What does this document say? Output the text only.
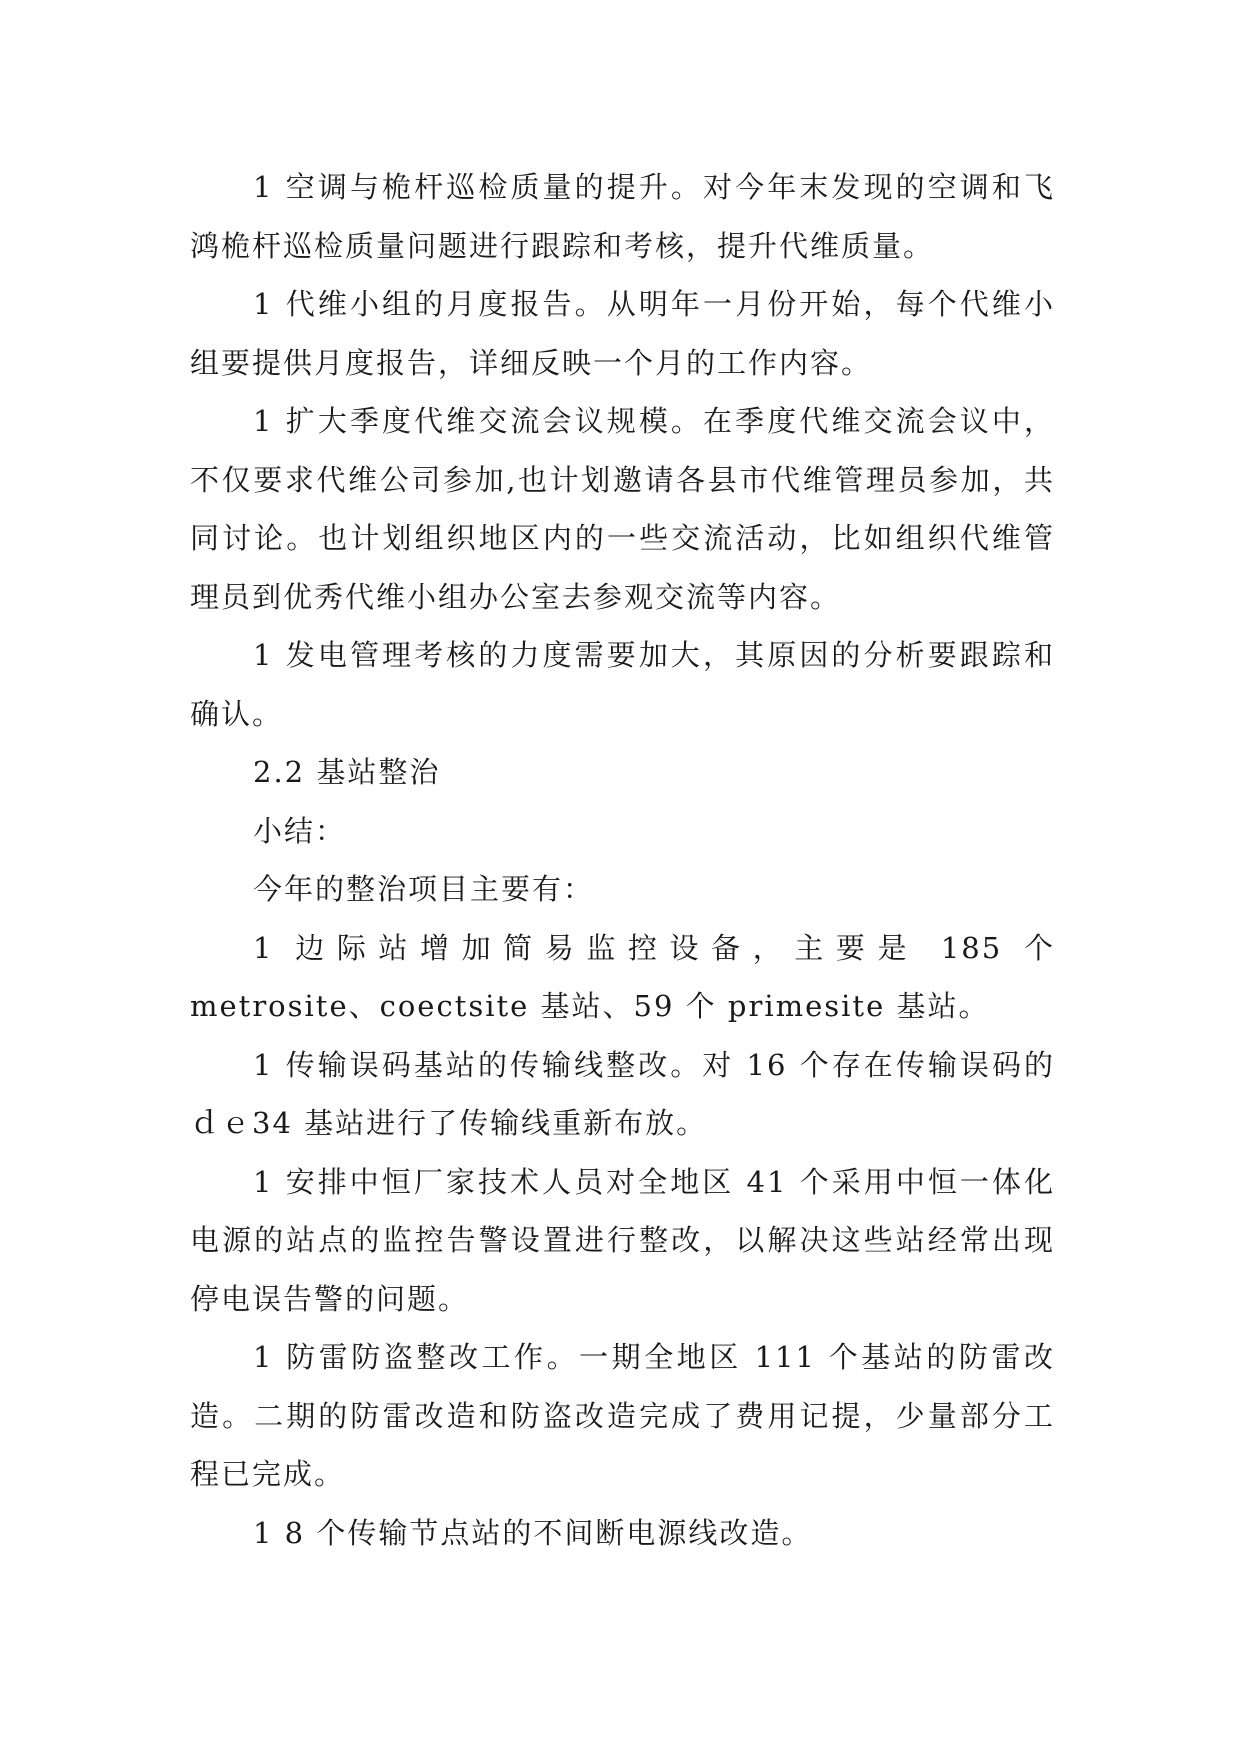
1 空调与桅杆巡检质量的提升。对今年末发现的空调和飞鸿桅杆巡检质量问题进行跟踪和考核，提升代维质量。

1 代维小组的月度报告。从明年一月份开始，每个代维小组要提供月度报告，详细反映一个月的工作内容。

1 扩大季度代维交流会议规模。在季度代维交流会议中，不仅要求代维公司参加,也计划邀请各县市代维管理员参加，共同讨论。也计划组织地区内的一些交流活动，比如组织代维管理员到优秀代维小组办公室去参观交流等内容。

1 发电管理考核的力度需要加大，其原因的分析要跟踪和确认。

2.2 基站整治

小结：

今年的整治项目主要有：

1 边际站增加简易监控设备，主要是 185 个 metrosite、coectsite 基站、59 个 primesite 基站。

1 传输误码基站的传输线整改。对 16 个存在传输误码的ｄｅ34 基站进行了传输线重新布放。

1 安排中恒厂家技术人员对全地区 41 个采用中恒一体化电源的站点的监控告警设置进行整改，以解决这些站经常出现停电误告警的问题。

1 防雷防盗整改工作。一期全地区 111 个基站的防雷改造。二期的防雷改造和防盗改造完成了费用记提，少量部分工程已完成。

1 8 个传输节点站的不间断电源线改造。
